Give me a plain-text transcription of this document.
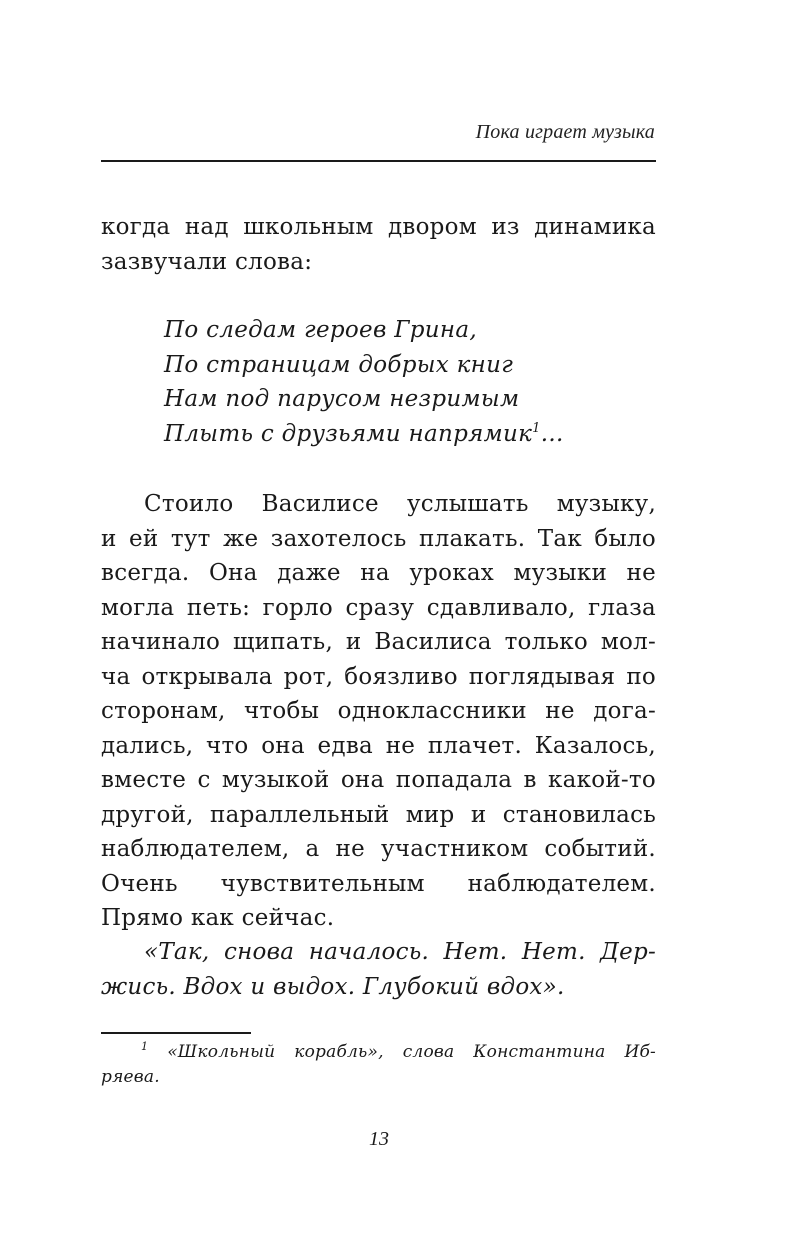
Пока играет музыка
когда над школьным двором из динамика
зазвучали слова:
По следам героев Грина,
По страницам добрых книг
Нам под парусом незримым
Плыть с друзьями напрямик$^1$...
Стоило Василисе услышать музыку,
и ей тут же захотелось плакать. Так было
всегда. Она даже на уроках музыки не
могла петь: горло сразу сдавливало, глаза
начинало щипать, и Василиса только мол-
ча открывала рот, боязливо поглядывая по
сторонам, чтобы одноклассники не дога-
дались, что она едва не плачет. Казалось,
вместе с музыкой она попадала в какой-то
другой, параллельный мир и становилась
наблюдателем, а не участником событий.
Очень чувствительным наблюдателем.
Прямо как сейчас.
«Так, снова началось. Нет. Нет. Дер-
жись. Вдох и выдох. Глубокий вдох».
$^1$ «Школьный корабль», слова Константина Иб-
ряева.
13
